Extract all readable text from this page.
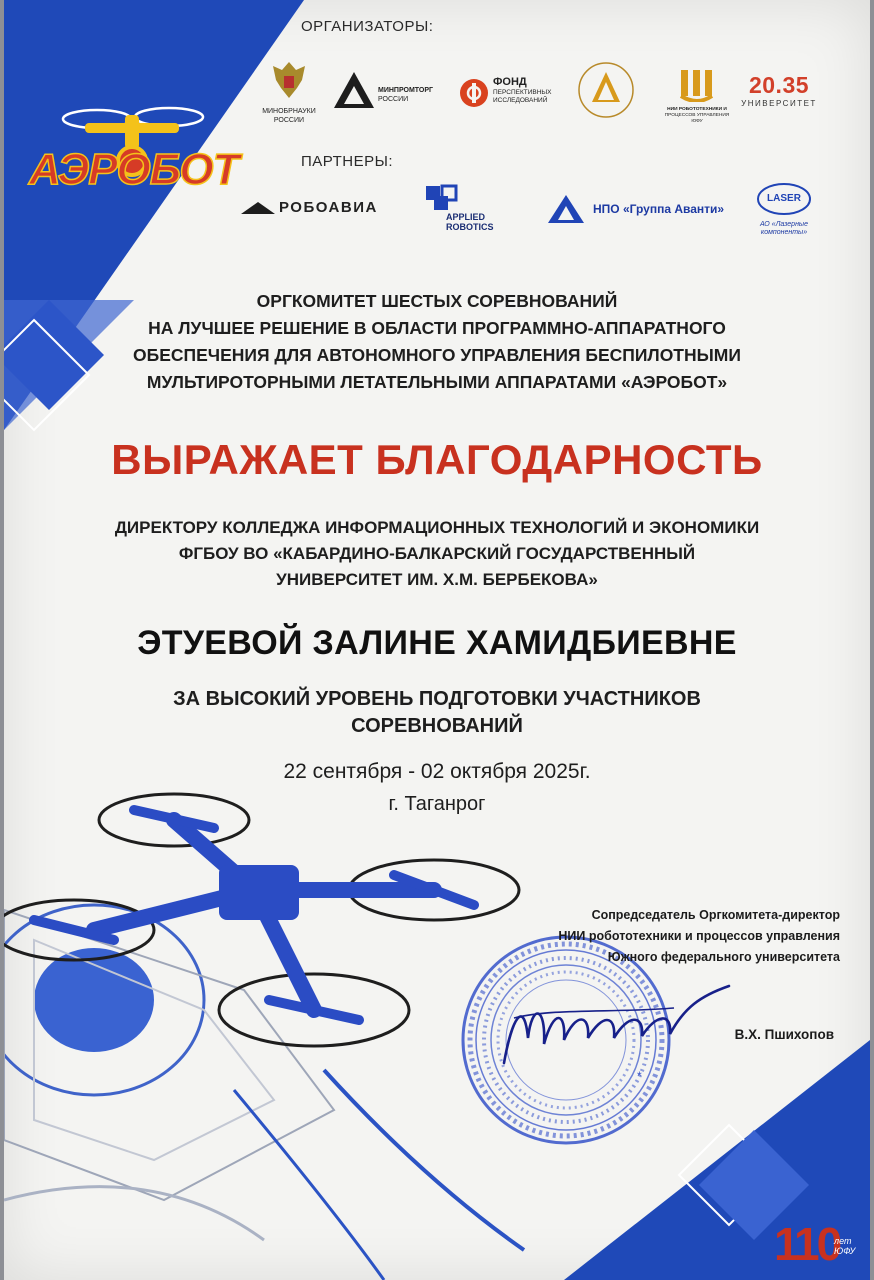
АЭРОБОТ
ОРГАНИЗАТОРЫ:
МИНОБРНАУКИ
РОССИИ
МИНПРОМТОРГ
РОССИИ
ФОНД
ПЕРСПЕКТИВНЫХ ИССЛЕДОВАНИЙ
НИИ РОБОТОТЕХНИКИ И
ПРОЦЕССОВ УПРАВЛЕНИЯ ЮФУ
20.35
УНИВЕРСИТЕТ
ПАРТНЕРЫ:
РОБОАВИА
APPLIED
ROBOTICS
НПО «Группа Аванти»
LASER
АО «Лазерные
компоненты»
ОРГКОМИТЕТ ШЕСТЫХ СОРЕВНОВАНИЙ
НА ЛУЧШЕЕ РЕШЕНИЕ В ОБЛАСТИ ПРОГРАММНО-АППАРАТНОГО
ОБЕСПЕЧЕНИЯ ДЛЯ АВТОНОМНОГО УПРАВЛЕНИЯ БЕСПИЛОТНЫМИ
МУЛЬТИРОТОРНЫМИ ЛЕТАТЕЛЬНЫМИ АППАРАТАМИ «АЭРОБОТ»
ВЫРАЖАЕТ БЛАГОДАРНОСТЬ
ДИРЕКТОРУ КОЛЛЕДЖА ИНФОРМАЦИОННЫХ ТЕХНОЛОГИЙ И ЭКОНОМИКИ
ФГБОУ ВО «КАБАРДИНО-БАЛКАРСКИЙ ГОСУДАРСТВЕННЫЙ
УНИВЕРСИТЕТ ИМ. Х.М. БЕРБЕКОВА»
ЭТУЕВОЙ ЗАЛИНЕ ХАМИДБИЕВНЕ
ЗА ВЫСОКИЙ УРОВЕНЬ ПОДГОТОВКИ УЧАСТНИКОВ
СОРЕВНОВАНИЙ
22 сентября - 02 октября 2025г.
г. Таганрог
*
Сопредседатель Оргкомитета-директор
НИИ робототехники и процессов управления
Южного федерального университета
В.Х. Пшихопов
110
лет ЮФУ
